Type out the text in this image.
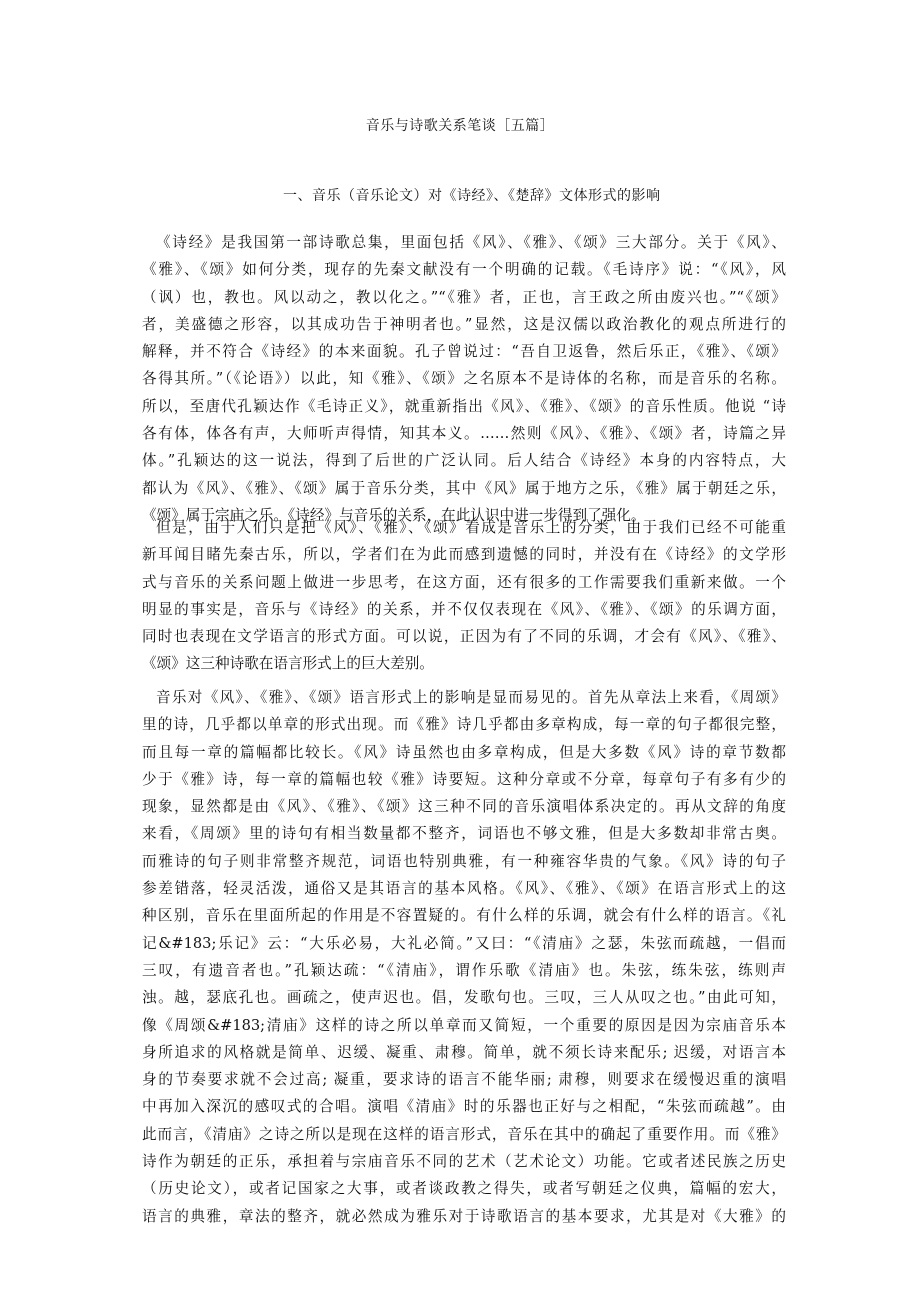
音乐与诗歌关系笔谈［五篇］
一、音乐（音乐论文）对《诗经》、《楚辞》文体形式的影响
《诗经》是我国第一部诗歌总集，里面包括《风》、《雅》、《颂》三大部分。关于《风》、
《雅》、《颂》如何分类，现存的先秦文献没有一个明确的记载。《毛诗序》说：“《风》，风
（讽）也，教也。风以动之，教以化之。”“《雅》者，正也，言王政之所由废兴也。”“《颂》
者，美盛德之形容，以其成功告于神明者也。”显然，这是汉儒以政治教化的观点所进行的
解释，并不符合《诗经》的本来面貌。孔子曾说过：“吾自卫返鲁，然后乐正，《雅》、《颂》
各得其所。”（《论语》）以此，知《雅》、《颂》之名原本不是诗体的名称，而是音乐的名称。
所以，至唐代孔颖达作《毛诗正义》，就重新指出《风》、《雅》、《颂》的音乐性质。他说 “诗
各有体，体各有声，大师听声得情，知其本义。……然则《风》、《雅》、《颂》者，诗篇之异
体。”孔颖达的这一说法，得到了后世的广泛认同。后人结合《诗经》本身的内容特点，大
都认为《风》、《雅》、《颂》属于音乐分类，其中《风》属于地方之乐，《雅》属于朝廷之乐，
《颂》属于宗庙之乐。《诗经》与音乐的关系，在此认识中进一步得到了强化。
但是，由于人们只是把《风》、《雅》、《颂》看成是音乐上的分类，由于我们已经不可能重
新耳闻目睹先秦古乐，所以，学者们在为此而感到遗憾的同时，并没有在《诗经》的文学形
式与音乐的关系问题上做进一步思考，在这方面，还有很多的工作需要我们重新来做。一个
明显的事实是，音乐与《诗经》的关系，并不仅仅表现在《风》、《雅》、《颂》的乐调方面，
同时也表现在文学语言的形式方面。可以说，正因为有了不同的乐调，才会有《风》、《雅》、
《颂》这三种诗歌在语言形式上的巨大差别。
音乐对《风》、《雅》、《颂》语言形式上的影响是显而易见的。首先从章法上来看，《周颂》
里的诗，几乎都以单章的形式出现。而《雅》诗几乎都由多章构成，每一章的句子都很完整，
而且每一章的篇幅都比较长。《风》诗虽然也由多章构成，但是大多数《风》诗的章节数都
少于《雅》诗，每一章的篇幅也较《雅》诗要短。这种分章或不分章，每章句子有多有少的
现象，显然都是由《风》、《雅》、《颂》这三种不同的音乐演唱体系决定的。再从文辞的角度
来看，《周颂》里的诗句有相当数量都不整齐，词语也不够文雅，但是大多数却非常古奥。
而雅诗的句子则非常整齐规范，词语也特别典雅，有一种雍容华贵的气象。《风》诗的句子
参差错落，轻灵活泼，通俗又是其语言的基本风格。《风》、《雅》、《颂》在语言形式上的这
种区别，音乐在里面所起的作用是不容置疑的。有什么样的乐调，就会有什么样的语言。《礼
记&#183;乐记》云：“大乐必易，大礼必简。”又曰：“《清庙》之瑟，朱弦而疏越，一倡而
三叹，有遗音者也。”孔颖达疏：“《清庙》，谓作乐歌《清庙》也。朱弦，练朱弦，练则声
浊。越，瑟底孔也。画疏之，使声迟也。倡，发歌句也。三叹，三人从叹之也。”由此可知，
像《周颂&#183;清庙》这样的诗之所以单章而又简短，一个重要的原因是因为宗庙音乐本
身所追求的风格就是简单、迟缓、凝重、肃穆。简单，就不须长诗来配乐; 迟缓，对语言本
身的节奏要求就不会过高; 凝重，要求诗的语言不能华丽; 肃穆，则要求在缓慢迟重的演唱
中再加入深沉的感叹式的合唱。演唱《清庙》时的乐器也正好与之相配，“朱弦而疏越”。由
此而言，《清庙》之诗之所以是现在这样的语言形式，音乐在其中的确起了重要作用。而《雅》
诗作为朝廷的正乐，承担着与宗庙音乐不同的艺术（艺术论文）功能。它或者述民族之历史
（历史论文），或者记国家之大事，或者谈政教之得失，或者写朝廷之仪典，篇幅的宏大，
语言的典雅，章法的整齐，就必然成为雅乐对于诗歌语言的基本要求，尤其是对《大雅》的
